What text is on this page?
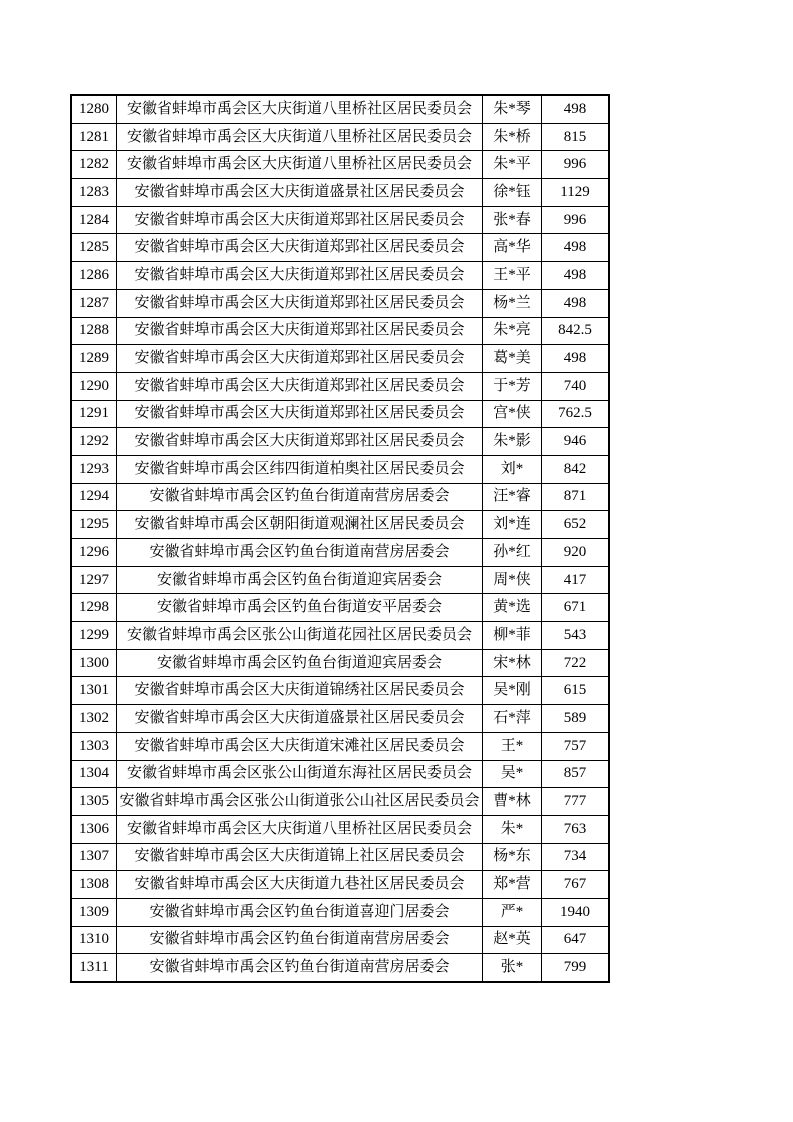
1280	安徽省蚌埠市禹会区大庆街道八里桥社区居民委员会	朱*琴	498
1281	安徽省蚌埠市禹会区大庆街道八里桥社区居民委员会	朱*桥	815
1282	安徽省蚌埠市禹会区大庆街道八里桥社区居民委员会	朱*平	996
1283	安徽省蚌埠市禹会区大庆街道盛景社区居民委员会	徐*钰	1129
1284	安徽省蚌埠市禹会区大庆街道郑郢社区居民委员会	张*春	996
1285	安徽省蚌埠市禹会区大庆街道郑郢社区居民委员会	高*华	498
1286	安徽省蚌埠市禹会区大庆街道郑郢社区居民委员会	王*平	498
1287	安徽省蚌埠市禹会区大庆街道郑郢社区居民委员会	杨*兰	498
1288	安徽省蚌埠市禹会区大庆街道郑郢社区居民委员会	朱*亮	842.5
1289	安徽省蚌埠市禹会区大庆街道郑郢社区居民委员会	葛*美	498
1290	安徽省蚌埠市禹会区大庆街道郑郢社区居民委员会	于*芳	740
1291	安徽省蚌埠市禹会区大庆街道郑郢社区居民委员会	宫*侠	762.5
1292	安徽省蚌埠市禹会区大庆街道郑郢社区居民委员会	朱*影	946
1293	安徽省蚌埠市禹会区纬四街道柏奥社区居民委员会	刘*	842
1294	安徽省蚌埠市禹会区钓鱼台街道南营房居委会	汪*睿	871
1295	安徽省蚌埠市禹会区朝阳街道观澜社区居民委员会	刘*连	652
1296	安徽省蚌埠市禹会区钓鱼台街道南营房居委会	孙*红	920
1297	安徽省蚌埠市禹会区钓鱼台街道迎宾居委会	周*侠	417
1298	安徽省蚌埠市禹会区钓鱼台街道安平居委会	黄*选	671
1299	安徽省蚌埠市禹会区张公山街道花园社区居民委员会	柳*菲	543
1300	安徽省蚌埠市禹会区钓鱼台街道迎宾居委会	宋*林	722
1301	安徽省蚌埠市禹会区大庆街道锦绣社区居民委员会	吴*刚	615
1302	安徽省蚌埠市禹会区大庆街道盛景社区居民委员会	石*萍	589
1303	安徽省蚌埠市禹会区大庆街道宋滩社区居民委员会	王*	757
1304	安徽省蚌埠市禹会区张公山街道东海社区居民委员会	吴*	857
1305	安徽省蚌埠市禹会区张公山街道张公山社区居民委员会	曹*林	777
1306	安徽省蚌埠市禹会区大庆街道八里桥社区居民委员会	朱*	763
1307	安徽省蚌埠市禹会区大庆街道锦上社区居民委员会	杨*东	734
1308	安徽省蚌埠市禹会区大庆街道九巷社区居民委员会	郑*营	767
1309	安徽省蚌埠市禹会区钓鱼台街道喜迎门居委会	严*	1940
1310	安徽省蚌埠市禹会区钓鱼台街道南营房居委会	赵*英	647
1311	安徽省蚌埠市禹会区钓鱼台街道南营房居委会	张*	799
